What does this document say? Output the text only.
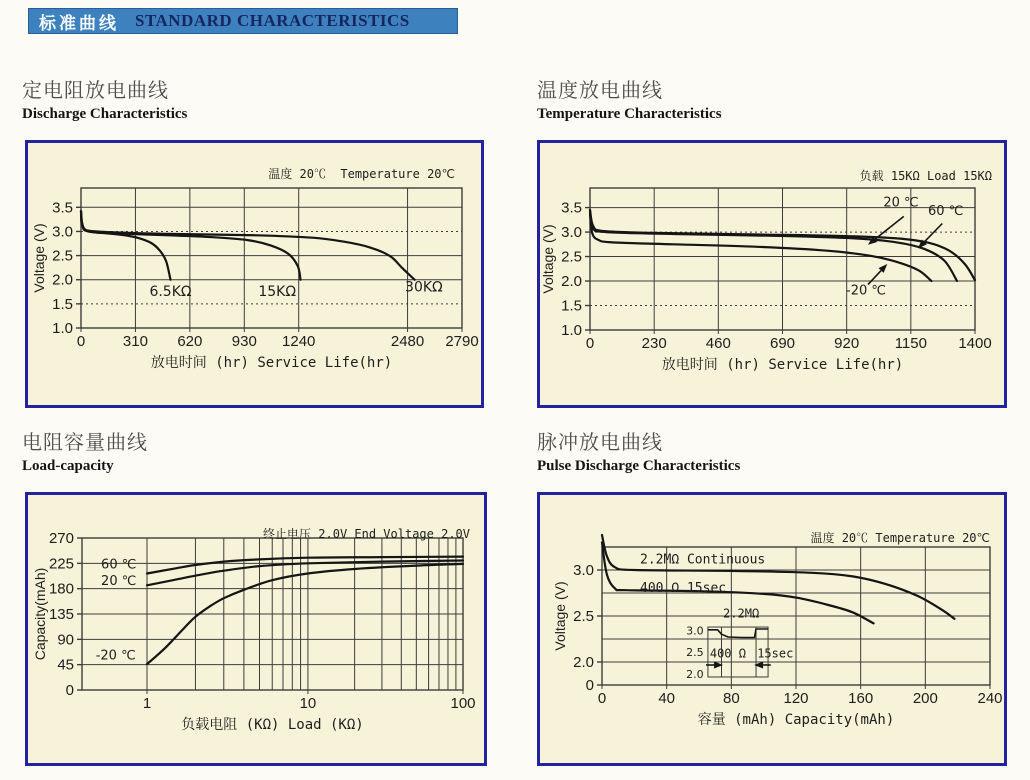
标准曲线 STANDARD CHARACTERISTICS
定电阻放电曲线
Discharge Characteristics
温度放电曲线
Temperature Characteristics
电阻容量曲线
Load-capacity
脉冲放电曲线
Pulse Discharge Characteristics
温度 20℃  Temperature 20℃
0	310 620 930 1240	2480 2790
1.0
1.5
2.0
2.5
3.0
3.5
放电时间 (hr) Service Life(hr)
Voltage (V)	6.5KΩ	15KΩ	30KΩ
负载 15KΩ Load 15KΩ
0	230	460	690	920 1150 1400
1.0
1.5
2.0
2.5
3.0
3.5
放电时间 (hr) Service Life(hr)
Voltage (V)
20 ℃
60 ℃
-20 ℃
终止电压 2.0V End Voltage 2.0V
1	10	100
0
45
90
135
180
225
270
负载电阻 (KΩ) Load (KΩ)
Capacity(mAh)
60 ℃
20 ℃
-20 ℃
温度 20℃ Temperature 20℃
0	40	80	120	160	200	240
0
2.0
2.5
3.0
容量 (mAh) Capacity(mAh)
Voltage (V)
2.2MΩ Continuous
400 Ω 15sec
2.2MΩ
3.0
2.5
2.0
400 Ω 15sec
